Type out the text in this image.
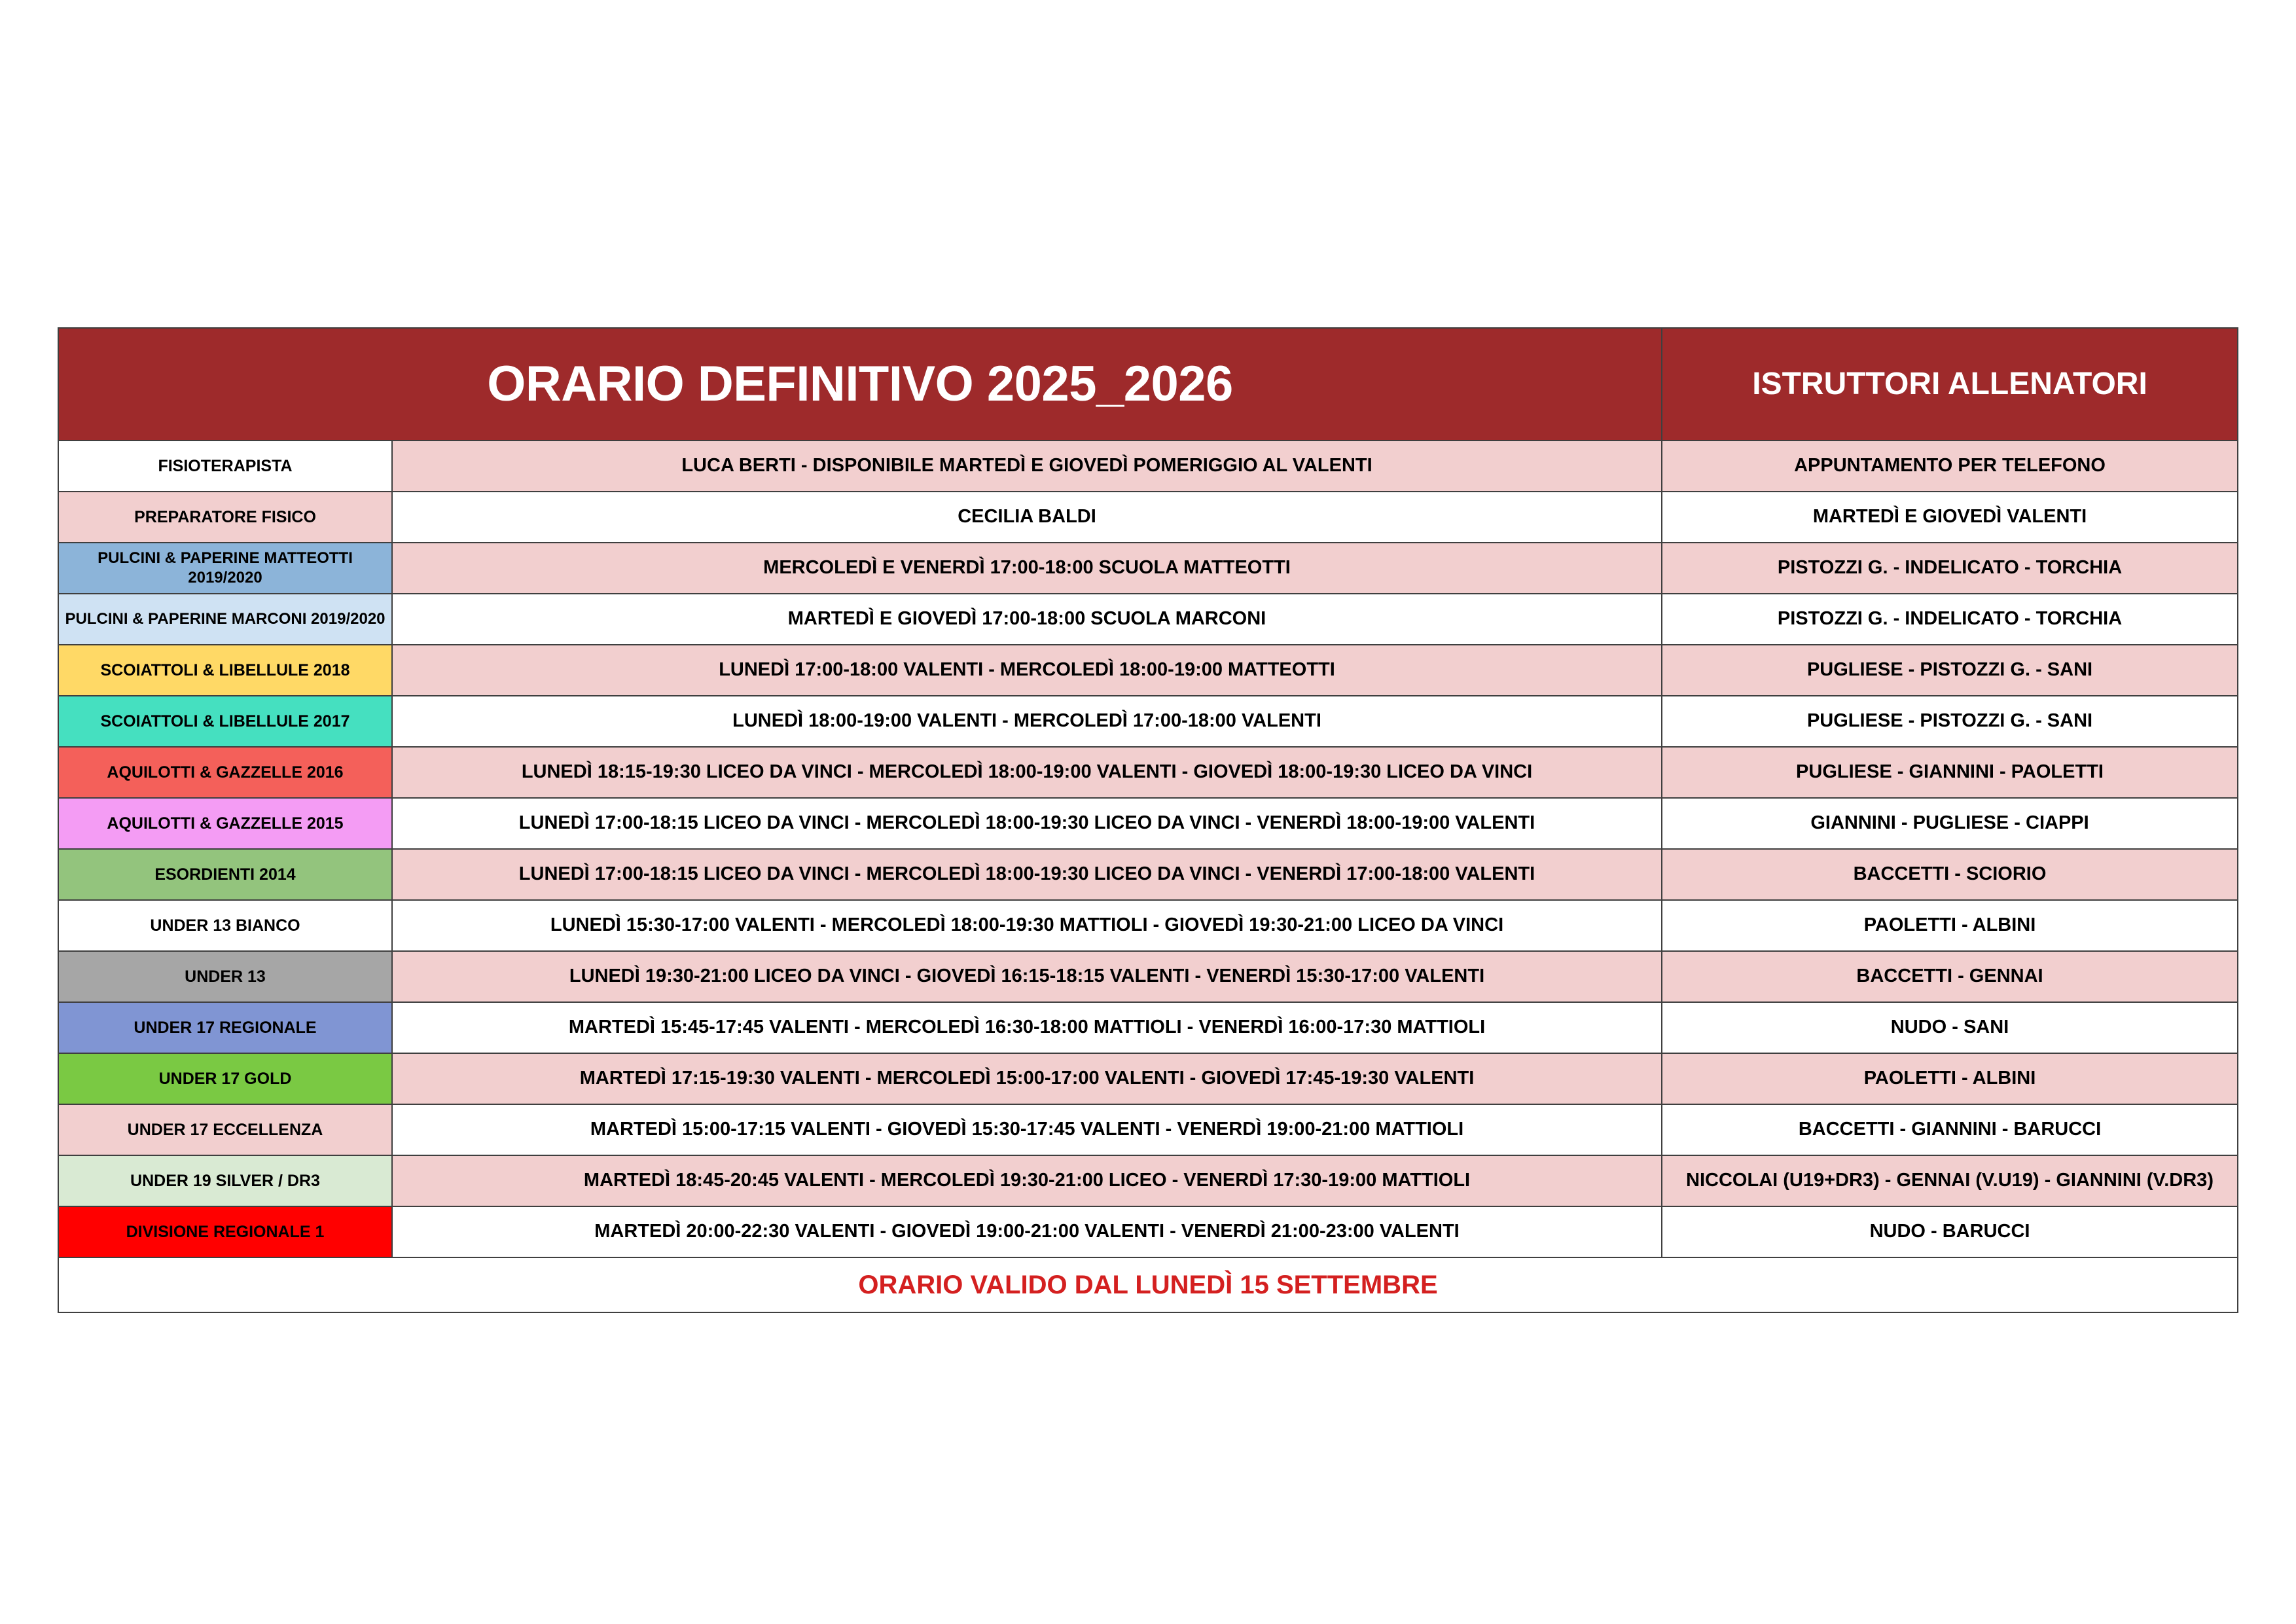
ORARIO DEFINITIVO 2025_2026		ISTRUTTORI ALLENATORI
FISIOTERAPISTA	LUCA BERTI - DISPONIBILE MARTEDÌ E GIOVEDÌ POMERIGGIO AL VALENTI	APPUNTAMENTO PER TELEFONO
PREPARATORE FISICO	CECILIA BALDI	MARTEDÌ E GIOVEDÌ VALENTI
PULCINI & PAPERINE MATTEOTTI 2019/2020	MERCOLEDÌ E VENERDÌ 17:00-18:00 SCUOLA MATTEOTTI	PISTOZZI G. - INDELICATO - TORCHIA
PULCINI & PAPERINE MARCONI 2019/2020	MARTEDÌ E GIOVEDÌ 17:00-18:00 SCUOLA MARCONI	PISTOZZI G. - INDELICATO - TORCHIA
SCOIATTOLI & LIBELLULE 2018	LUNEDÌ 17:00-18:00 VALENTI - MERCOLEDÌ 18:00-19:00 MATTEOTTI	PUGLIESE - PISTOZZI G. - SANI
SCOIATTOLI & LIBELLULE 2017	LUNEDÌ 18:00-19:00 VALENTI - MERCOLEDÌ 17:00-18:00 VALENTI	PUGLIESE - PISTOZZI G. - SANI
AQUILOTTI & GAZZELLE 2016	LUNEDÌ 18:15-19:30 LICEO DA VINCI - MERCOLEDÌ 18:00-19:00 VALENTI - GIOVEDÌ 18:00-19:30 LICEO DA VINCI	PUGLIESE - GIANNINI - PAOLETTI
AQUILOTTI & GAZZELLE 2015	LUNEDÌ 17:00-18:15 LICEO DA VINCI - MERCOLEDÌ 18:00-19:30 LICEO DA VINCI - VENERDÌ 18:00-19:00 VALENTI	GIANNINI - PUGLIESE - CIAPPI
ESORDIENTI 2014	LUNEDÌ 17:00-18:15 LICEO DA VINCI - MERCOLEDÌ 18:00-19:30 LICEO DA VINCI - VENERDÌ 17:00-18:00 VALENTI	BACCETTI - SCIORIO
UNDER 13 BIANCO	LUNEDÌ 15:30-17:00 VALENTI - MERCOLEDÌ 18:00-19:30 MATTIOLI - GIOVEDÌ 19:30-21:00 LICEO DA VINCI	PAOLETTI - ALBINI
UNDER 13	LUNEDÌ 19:30-21:00 LICEO DA VINCI - GIOVEDÌ 16:15-18:15 VALENTI - VENERDÌ 15:30-17:00 VALENTI	BACCETTI - GENNAI
UNDER 17 REGIONALE	MARTEDÌ 15:45-17:45 VALENTI - MERCOLEDÌ 16:30-18:00 MATTIOLI - VENERDÌ 16:00-17:30 MATTIOLI	NUDO - SANI
UNDER 17 GOLD	MARTEDÌ 17:15-19:30 VALENTI - MERCOLEDÌ 15:00-17:00 VALENTI - GIOVEDÌ 17:45-19:30 VALENTI	PAOLETTI - ALBINI
UNDER 17 ECCELLENZA	MARTEDÌ 15:00-17:15 VALENTI - GIOVEDÌ 15:30-17:45 VALENTI - VENERDÌ 19:00-21:00 MATTIOLI	BACCETTI - GIANNINI - BARUCCI
UNDER 19 SILVER / DR3	MARTEDÌ 18:45-20:45 VALENTI - MERCOLEDÌ 19:30-21:00 LICEO - VENERDÌ 17:30-19:00 MATTIOLI	NICCOLAI (U19+DR3) - GENNAI (V.U19) - GIANNINI (V.DR3)
DIVISIONE REGIONALE 1	MARTEDÌ 20:00-22:30 VALENTI - GIOVEDÌ 19:00-21:00 VALENTI - VENERDÌ 21:00-23:00 VALENTI	NUDO - BARUCCI
ORARIO VALIDO DAL LUNEDÌ 15 SETTEMBRE		
